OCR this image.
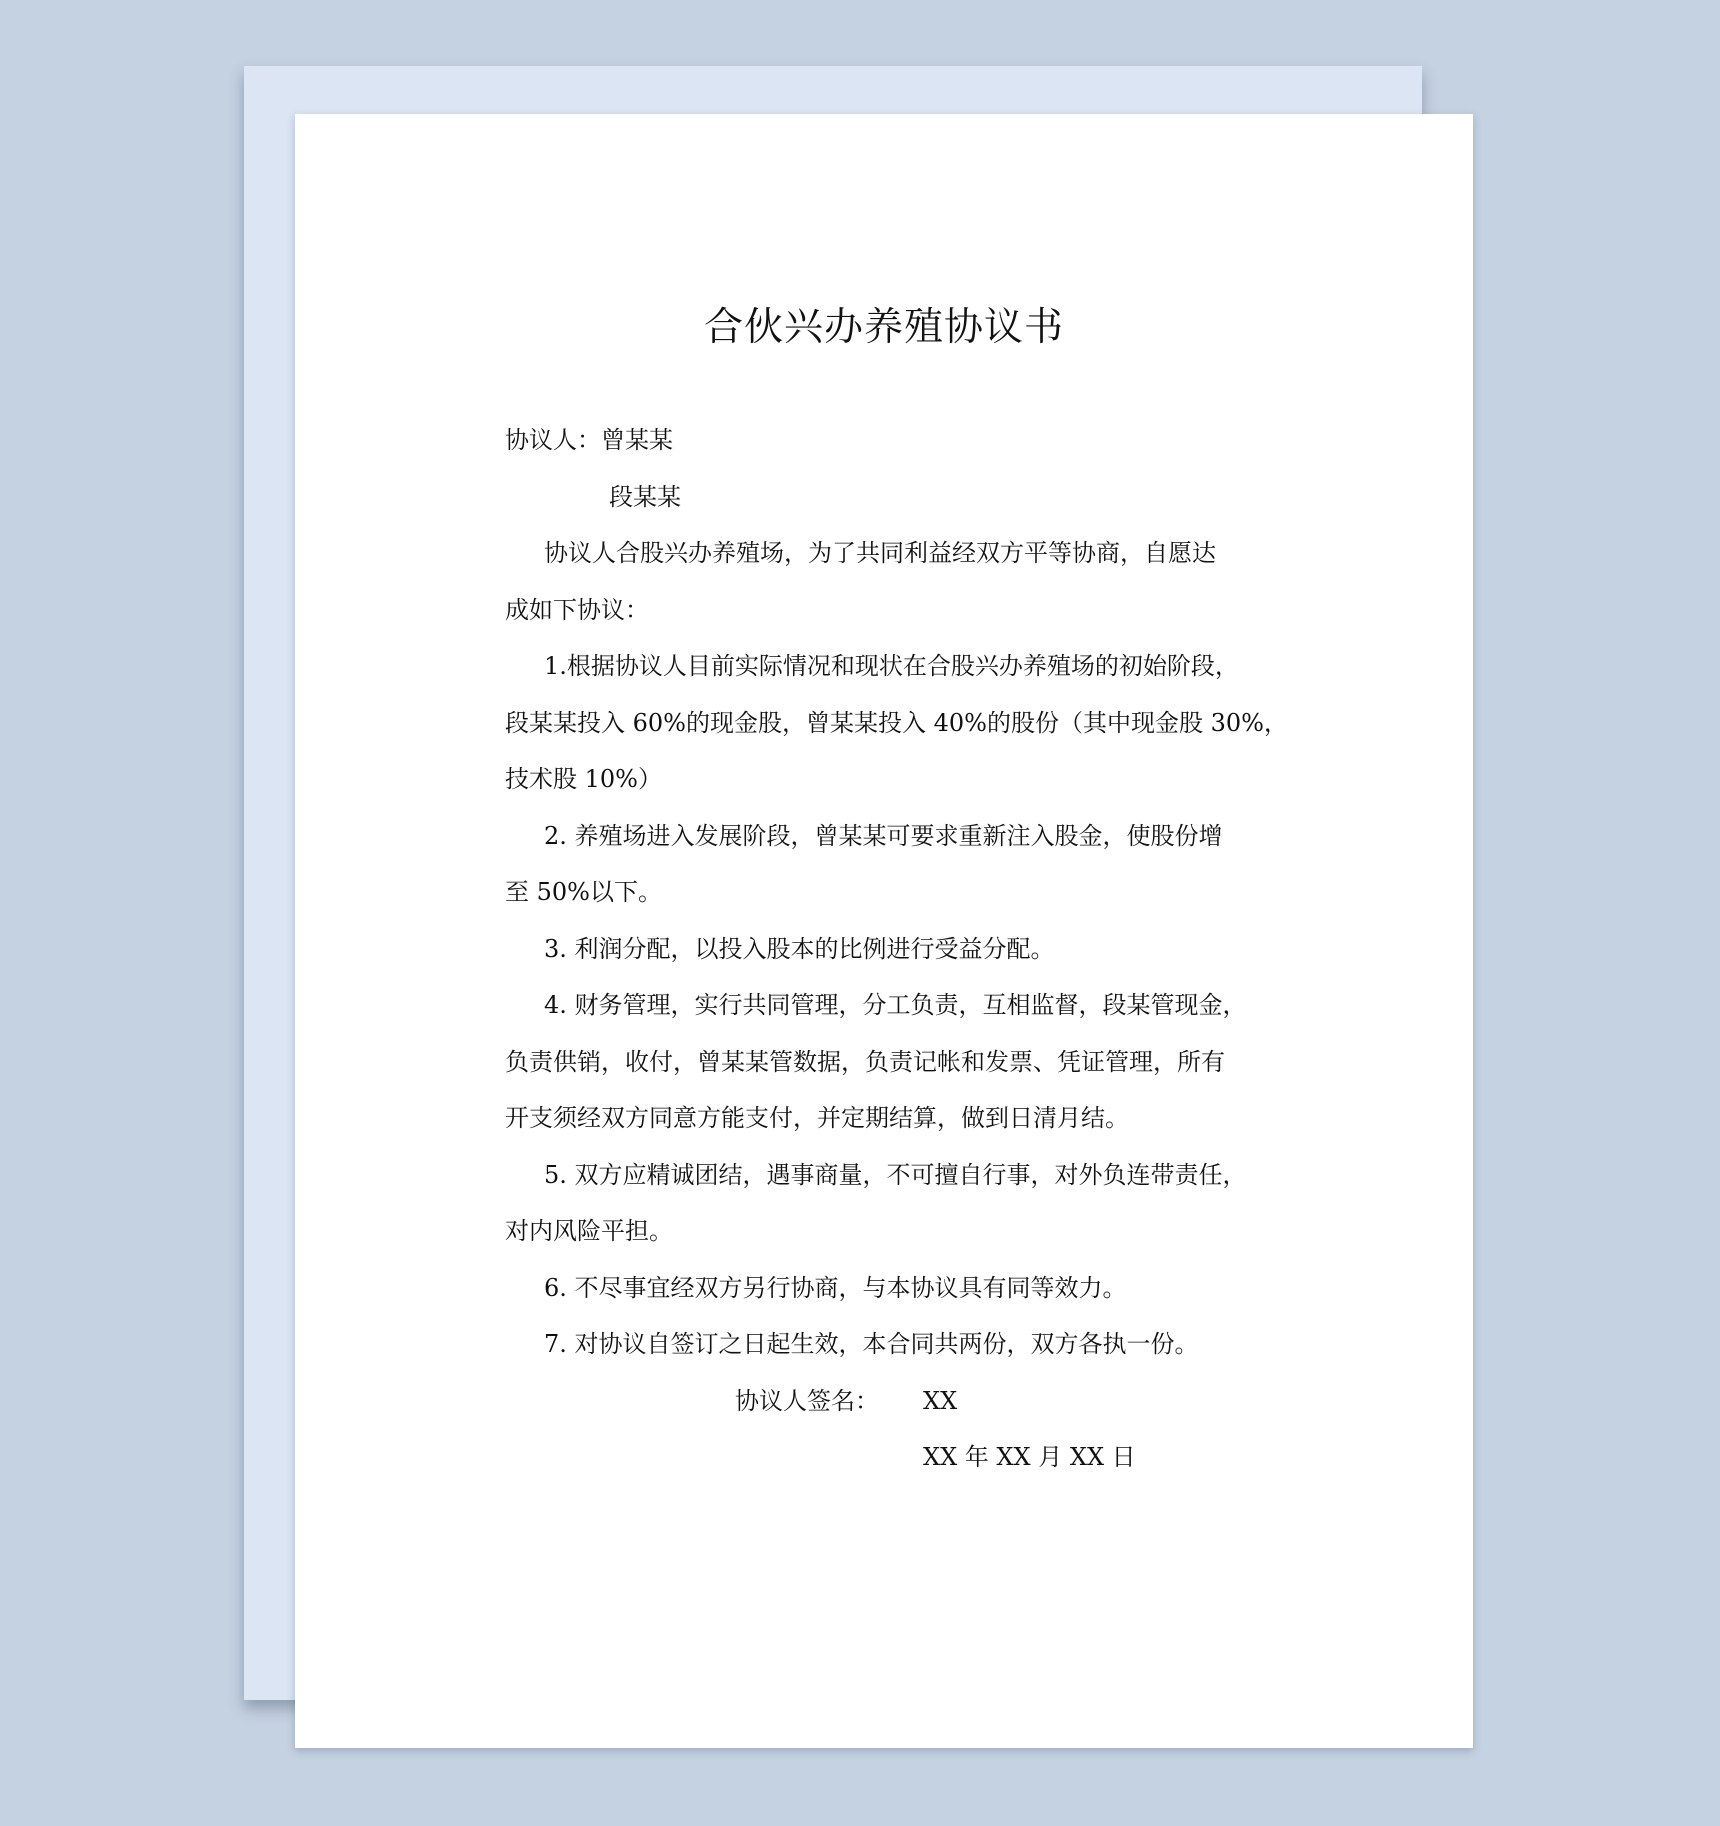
合伙兴办养殖协议书
协议人：曾某某
段某某
协议人合股兴办养殖场，为了共同利益经双方平等协商，自愿达
成如下协议：
1.根据协议人目前实际情况和现状在合股兴办养殖场的初始阶段，
段某某投入 60%的现金股，曾某某投入 40%的股份（其中现金股 30%，
技术股 10%）
2. 养殖场进入发展阶段，曾某某可要求重新注入股金，使股份增
至 50%以下。
3. 利润分配，以投入股本的比例进行受益分配。
4. 财务管理，实行共同管理，分工负责，互相监督，段某管现金，
负责供销，收付，曾某某管数据，负责记帐和发票、凭证管理，所有
开支须经双方同意方能支付，并定期结算，做到日清月结。
5. 双方应精诚团结，遇事商量，不可擅自行事，对外负连带责任，
对内风险平担。
6. 不尽事宜经双方另行协商，与本协议具有同等效力。
7. 对协议自签订之日起生效，本合同共两份，双方各执一份。
协议人签名： XX
XX 年 XX 月 XX 日
